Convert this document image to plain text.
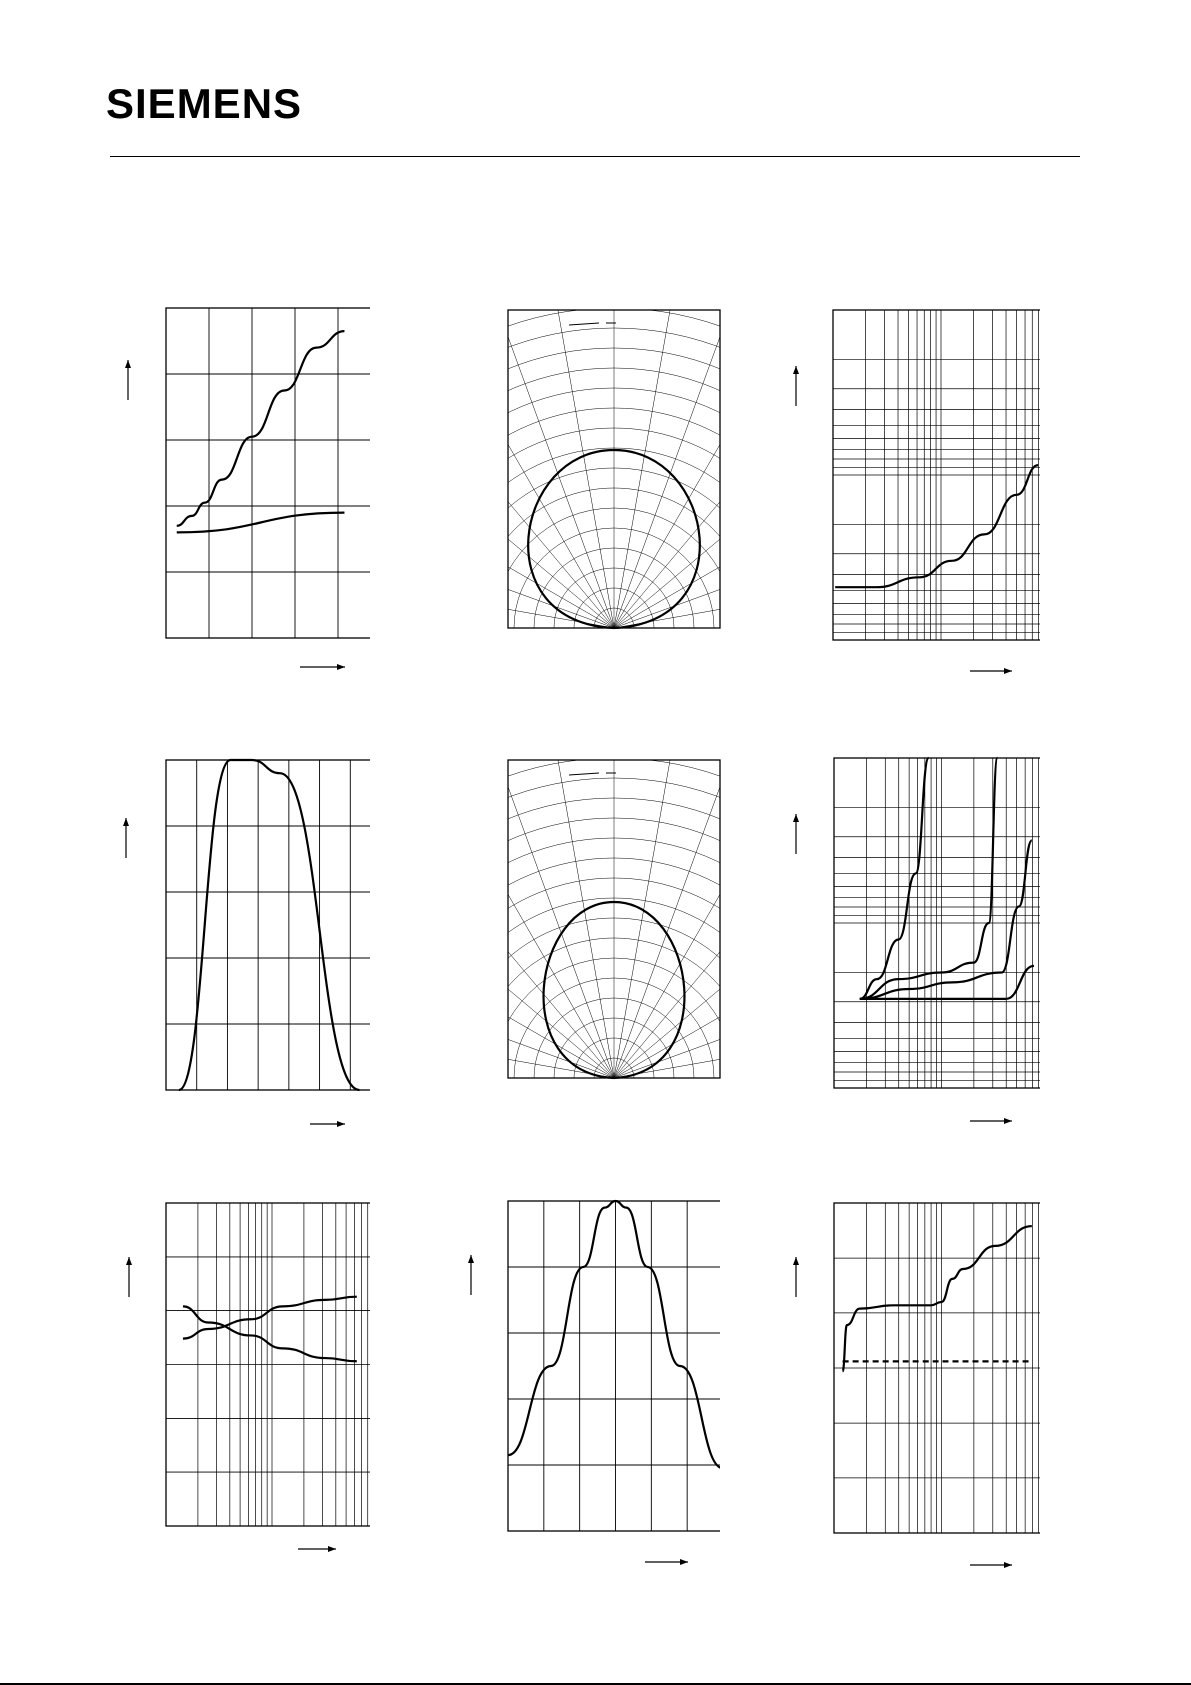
SIEMENS
